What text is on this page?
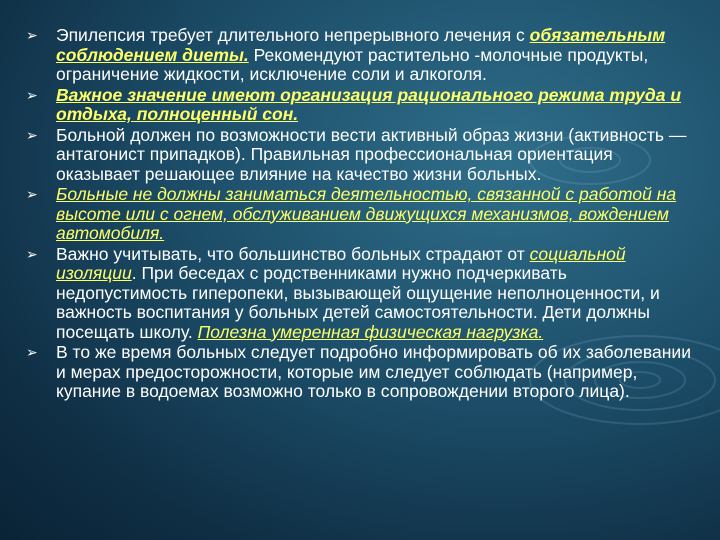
➢ Эпилепсия требует длительного непрерывного лечения с обязательным соблюдением диеты. Рекомендуют растительно -молочные продукты, ограничение жидкости, исключение соли и алкоголя.
➢ Важное значение имеют организация рационального режима труда и отдыха, полноценный сон.
➢ Больной должен по возможности вести активный образ жизни (активность — антагонист припадков). Правильная профессиональная ориентация оказывает решающее влияние на качество жизни больных.
➢ Больные не должны заниматься деятельностью, связанной с работой на высоте или с огнем, обслуживанием движущихся механизмов, вождением автомобиля.
➢ Важно учитывать, что большинство больных страдают от социальной изоляции. При беседах с родственниками нужно подчеркивать недопустимость гиперопеки, вызывающей ощущение неполноценности, и важность воспитания у больных детей самостоятельности. Дети должны посещать школу. Полезна умеренная физическая нагрузка.
➢ В то же время больных следует подробно информировать об их заболевании и мерах предосторожности, которые им следует соблюдать (например, купание в водоемах возможно только в сопровождении второго лица).
